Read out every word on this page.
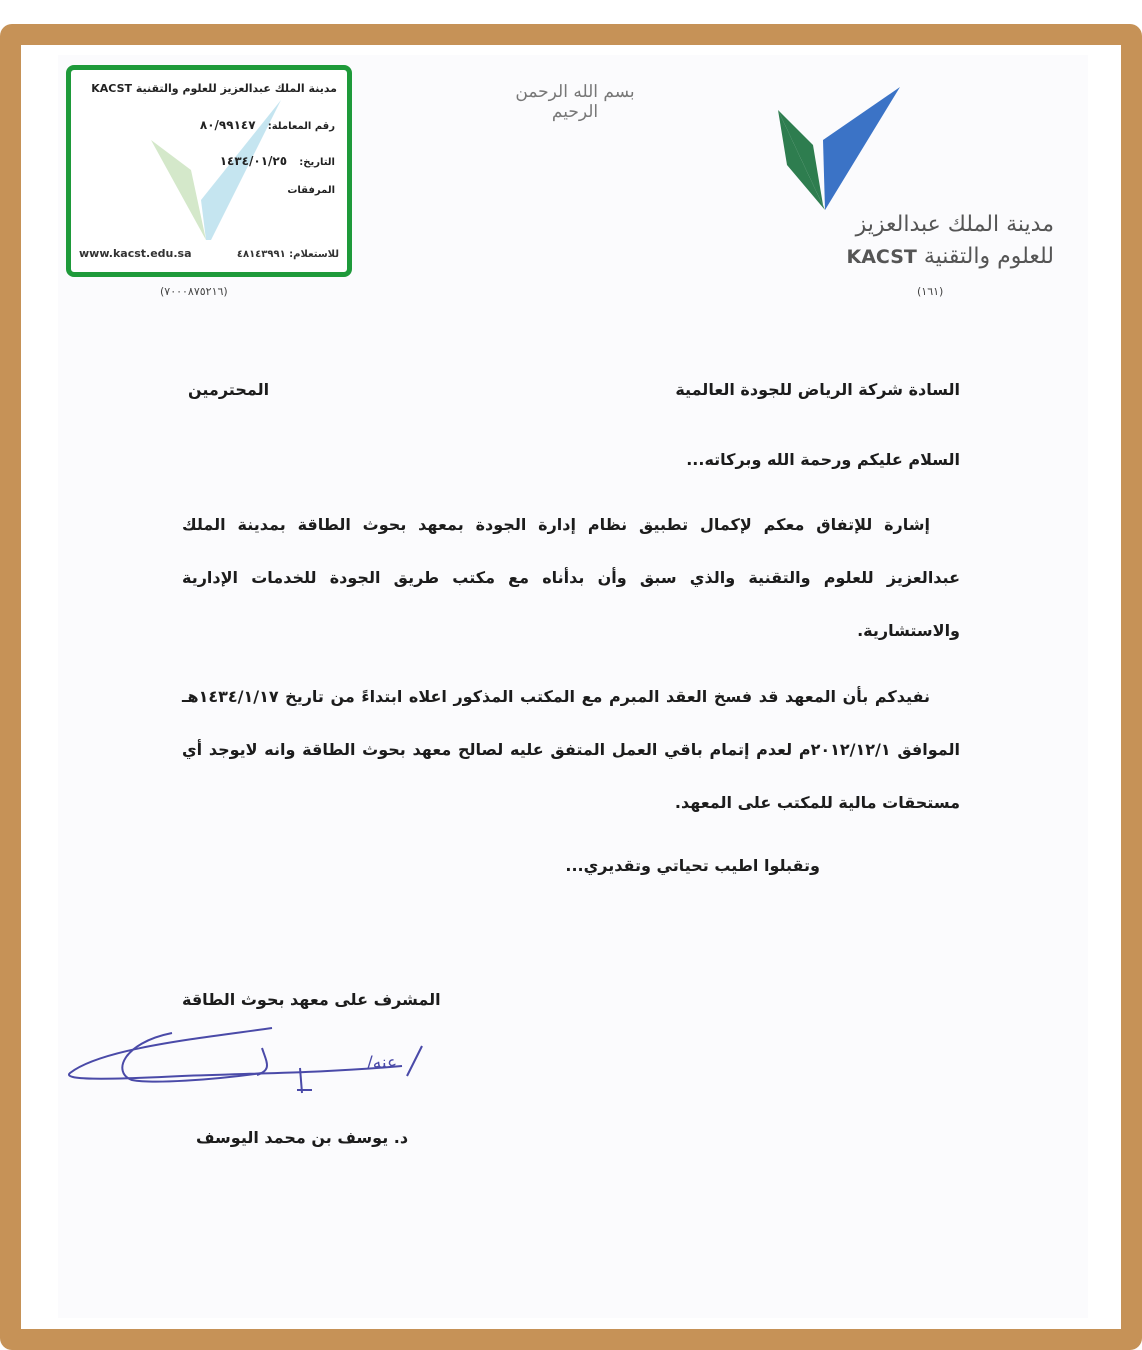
مدينة الملك عبدالعزيز للعلوم والتقنية KACST
رقم المعاملة: ٨٠/٩٩١٤٧
التاريخ: ١٤٣٤/٠١/٢٥
المرفقات
www.kacst.edu.sa	للاستعلام: ٤٨١٤٣٩٩١
(٧٠٠٠٨٧٥٢١٦)
بسم الله الرحمن الرحيم
مدينة الملك عبدالعزيز
للعلوم والتقنية KACST
(١٦١)
السادة شركة الرياض للجودة العالمية
المحترمين
السلام عليكم ورحمة الله وبركاته...
إشارة للإتفاق معكم لإكمال تطبيق نظام إدارة الجودة بمعهد بحوث الطاقة بمدينة الملك عبدالعزيز للعلوم والتقنية والذي سبق وأن بدأناه مع مكتب طريق الجودة للخدمات الإدارية والاستشارية.
نفيدكم بأن المعهد قد فسخ العقد المبرم مع المكتب المذكور اعلاه ابتداءً من تاريخ ١٤٣٤/١/١٧هـ الموافق ٢٠١٢/١٢/١م لعدم إتمام باقي العمل المتفق عليه لصالح معهد بحوث الطاقة وانه لايوجد أي مستحقات مالية للمكتب على المعهد.
وتقبلوا اطيب تحياتي وتقديري...
المشرف على معهد بحوث الطاقة
عنه/
د. يوسف بن محمد اليوسف
